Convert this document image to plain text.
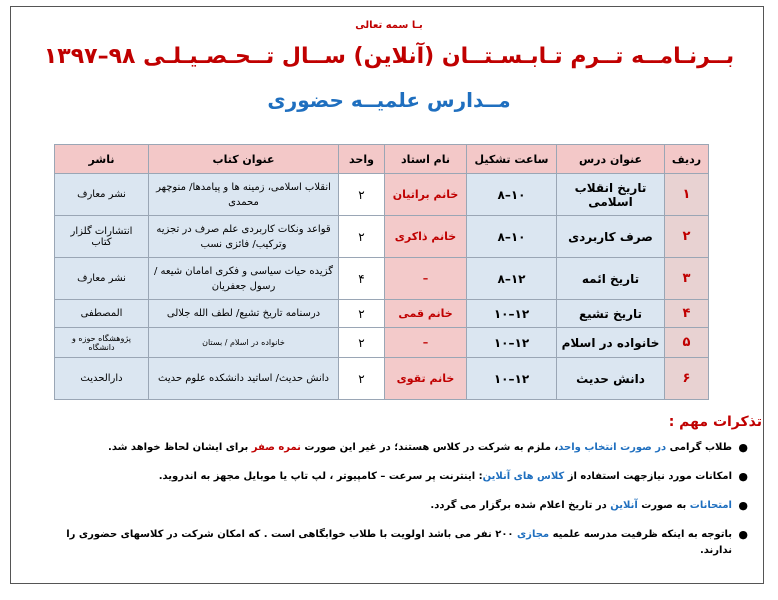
بـا سمه تعالی
بــرنـامــه تــرم تـابـسـتــان (آنلاین) ســال تــحـصـیـلـی ۹۸–۱۳۹۷
مــدارس علمیــه حضوری
ردیف	عنوان درس	ساعت تشکیل	نام استاد	واحد	عنوان کتاب	ناشر
۱	تاریخ انقلاب اسلامی	۱۰–۸	خانم براتیان	۲	انقلاب اسلامی، زمینه ها و پیامدها/ منوچهر محمدی	نشر معارف
۲	صرف کاربردی	۱۰–۸	خانم ذاکری	۲	قواعد ونکات کاربردی علم صرف در تجزیه وترکیب/ فائزی نسب	انتشارات گلزار کتاب
۳	تاریخ ائمه	۱۲–۸	–	۴	گزیده حیات سیاسی و فکری امامان شیعه /رسول جعفریان	نشر معارف
۴	تاریخ تشیع	۱۲–۱۰	خانم قمی	۲	درسنامه تاریخ تشیع/ لطف الله جلالی	المصطفی
۵	خانواده در اسلام	۱۲–۱۰	–	۲	خانواده در اسلام / بستان	پژوهشگاه حوزه و دانشگاه
۶	دانش حدیث	۱۲–۱۰	خانم تقوی	۲	دانش حدیث/ اساتید دانشکده علوم حدیث	دارالحدیث
تذکرات مهم :
●
طلاب گرامی در صورت انتخاب واحد، ملزم به شرکت در کلاس هستند؛ در غیر این صورت نمره صفر برای ایشان لحاظ خواهد شد.
●
امکانات مورد نیازجهت استفاده از کلاس های آنلاین: اینترنت پر سرعت – کامپیوتر ، لپ تاپ یا موبایل مجهز به اندروید.
●
امتحانات به صورت آنلاین در تاریخ اعلام شده برگزار می گردد.
●
باتوجه به اینکه ظرفیت مدرسه علمیه مجازی ۲۰۰ نفر می باشد اولویت با طلاب خوابگاهی است . که امکان شرکت در کلاسهای حضوری را ندارند.
